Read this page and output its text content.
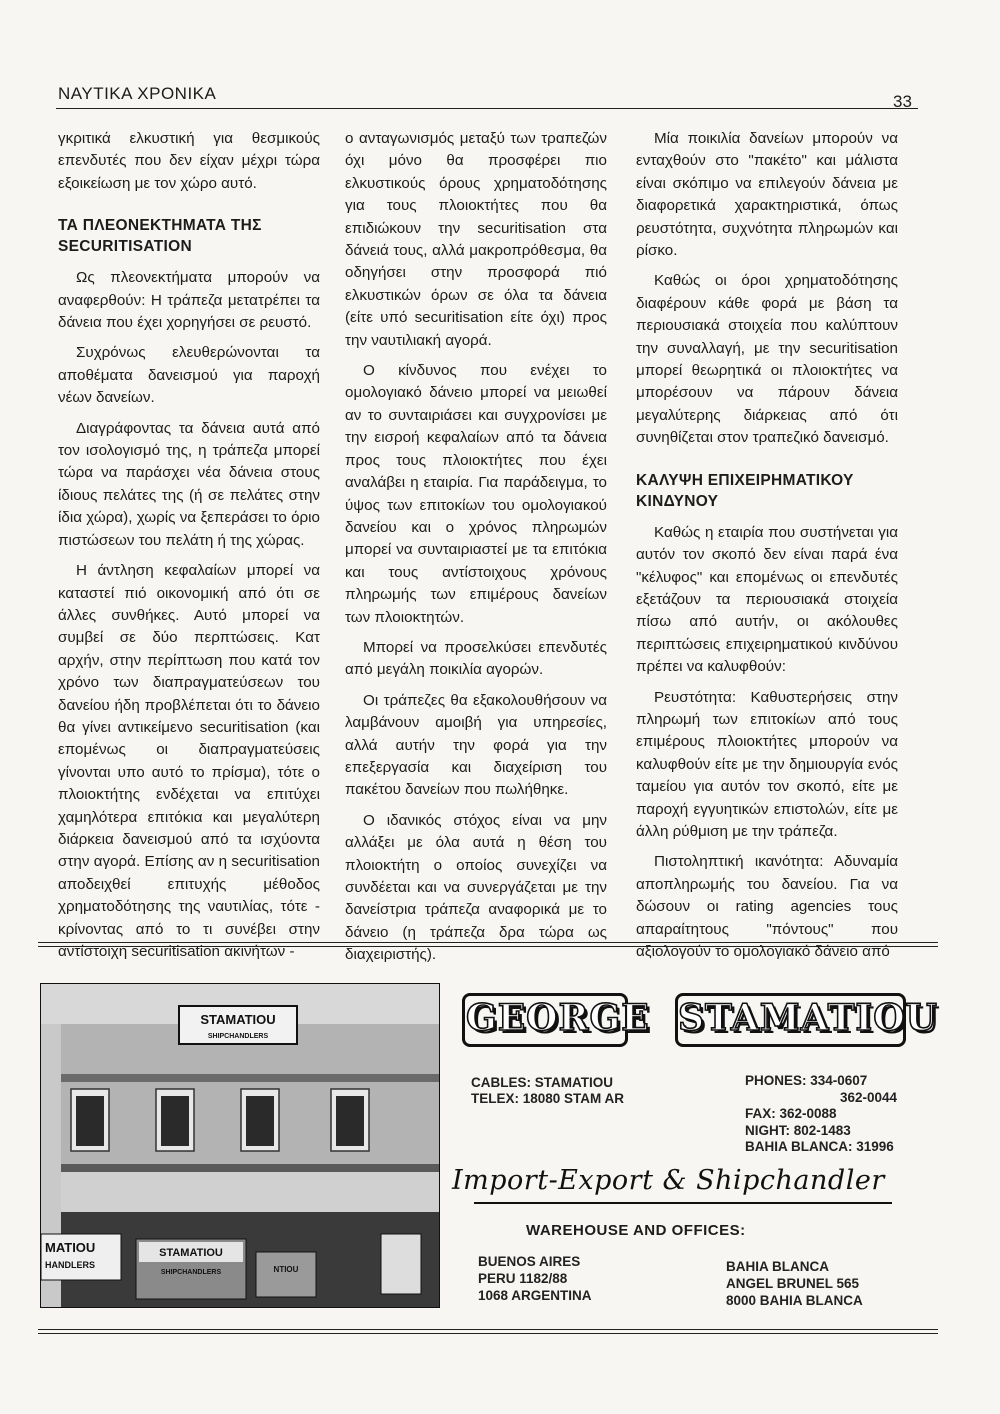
ΝΑΥΤΙΚΑ ΧΡΟΝΙΚΑ	33

γκριτικά ελκυστική για θεσμικούς επενδυτές που δεν είχαν μέχρι τώρα εξοικείωση με τον χώρο αυτό.

ΤΑ ΠΛΕΟΝΕΚΤΗΜΑΤΑ ΤΗΣ SECURITISATION

Ως πλεονεκτήματα μπορούν να αναφερθούν: Η τράπεζα μετατρέπει τα δάνεια που έχει χορηγήσει σε ρευστό.

Συχρόνως ελευθερώνονται τα αποθέματα δανεισμού για παροχή νέων δανείων.

Διαγράφοντας τα δάνεια αυτά από τον ισολογισμό της, η τράπεζα μπορεί τώρα να παράσχει νέα δάνεια στους ίδιους πελάτες της (ή σε πελάτες στην ίδια χώρα), χωρίς να ξεπεράσει το όριο πιστώσεων του πελάτη ή της χώρας.

Η άντληση κεφαλαίων μπορεί να καταστεί πιό οικονομική από ότι σε άλλες συνθήκες. Αυτό μπορεί να συμβεί σε δύο περπτώσεις. Κατ αρχήν, στην περίπτωση που κατά τον χρόνο των διαπραγματεύσεων του δανείου ήδη προβλέπεται ότι το δάνειο θα γίνει αντικείμενο securitisation (και επομένως οι διαπραγματεύσεις γίνονται υπο αυτό το πρίσμα), τότε ο πλοιοκτήτης ενδέχεται να επιτύχει χαμηλότερα επιτόκια και μεγαλύτερη διάρκεια δανεισμού από τα ισχύοντα στην αγορά. Επίσης αν η securitisation αποδειχθεί επιτυχής μέθοδος χρηματοδότησης της ναυτιλίας, τότε - κρίνοντας από το τι συνέβει στην αντίστοιχη securitisation ακινήτων -

ο ανταγωνισμός μεταξύ των τραπεζών όχι μόνο θα προσφέρει πιο ελκυστικούς όρους χρηματοδότησης για τους πλοιοκτήτες που θα επιδιώκουν την securitisation στα δάνειά τους, αλλά μακροπρόθεσμα, θα οδηγήσει στην προσφορά πιό ελκυστικών όρων σε όλα τα δάνεια (είτε υπό securitisation είτε όχι) προς την ναυτιλιακή αγορά.

Ο κίνδυνος που ενέχει το ομολογιακό δάνειο μπορεί να μειωθεί αν το συνταιριάσει και συγχρονίσει με την εισροή κεφαλαίων από τα δάνεια προς τους πλοιοκτήτες που έχει αναλάβει η εταιρία. Για παράδειγμα, το ύψος των επιτοκίων του ομολογιακού δανείου και ο χρόνος πληρωμών μπορεί να συνταιριαστεί με τα επιτόκια και τους αντίστοιχους χρόνους πληρωμής των επιμέρους δανείων των πλοιοκτητών.

Μπορεί να προσελκύσει επενδυτές από μεγάλη ποικιλία αγορών.

Οι τράπεζες θα εξακολουθήσουν να λαμβάνουν αμοιβή για υπηρεσίες, αλλά αυτήν την φορά για την επεξεργασία και διαχείριση του πακέτου δανείων που πωλήθηκε.

Ο ιδανικός στόχος είναι να μην αλλάξει με όλα αυτά η θέση του πλοιοκτήτη ο οποίος συνεχίζει να συνδέεται και να συνεργάζεται με την δανείστρια τράπεζα αναφορικά με το δάνειο (η τράπεζα δρα τώρα ως διαχειριστής).

Μία ποικιλία δανείων μπορούν να ενταχθούν στο "πακέτο" και μάλιστα είναι σκόπιμο να επιλεγούν δάνεια με διαφορετικά χαρακτηριστικά, όπως ρευστότητα, συχνότητα πληρωμών και ρίσκο.

Καθώς οι όροι χρηματοδότησης διαφέρουν κάθε φορά με βάση τα περιουσιακά στοιχεία που καλύπτουν την συναλλαγή, με την securitisation μπορεί θεωρητικά οι πλοιοκτήτες να μπορέσουν να πάρουν δάνεια μεγαλύτερης διάρκειας από ότι συνηθίζεται στον τραπεζικό δανεισμό.

ΚΑΛΥΨΗ ΕΠΙΧΕΙΡΗΜΑΤΙΚΟΥ ΚΙΝΔΥΝΟΥ

Καθώς η εταιρία που συστήνεται για αυτόν τον σκοπό δεν είναι παρά ένα "κέλυφος" και επομένως οι επενδυτές εξετάζουν τα περιουσιακά στοιχεία πίσω από αυτήν, οι ακόλουθες περιπτώσεις επιχειρηματικού κινδύνου πρέπει να καλυφθούν:

Ρευστότητα: Καθυστερήσεις στην πληρωμή των επιτοκίων από τους επιμέρους πλοιοκτήτες μπορούν να καλυφθούν είτε με την δημιουργία ενός ταμείου για αυτόν τον σκοπό, είτε με παροχή εγγυητικών επιστολών, είτε με άλλη ρύθμιση με την τράπεζα.

Πιστοληπτική ικανότητα: Αδυναμία αποπληρωμής του δανείου. Για να δώσουν οι rating agencies τους απαραίτητους "πόντους" που αξιολογούν το ομολογιακό δάνειο από

STAMATIOU
SHIPCHANDLERS
MATIOU
HANDLERS
STAMATIOU
SHIPCHANDLERS	NTIOU
GEORGE STAMATIOU
CABLES: STAMATIOU
TELEX: 18080 STAM AR
PHONES: 334-0607
362-0044
FAX: 362-0088
NIGHT: 802-1483
BAHIA BLANCA: 31996
Import-Export & Shipchandler
WAREHOUSE AND OFFICES:
BUENOS AIRES
PERU 1182/88
1068 ARGENTINA
BAHIA BLANCA
ANGEL BRUNEL 565
8000 BAHIA BLANCA
